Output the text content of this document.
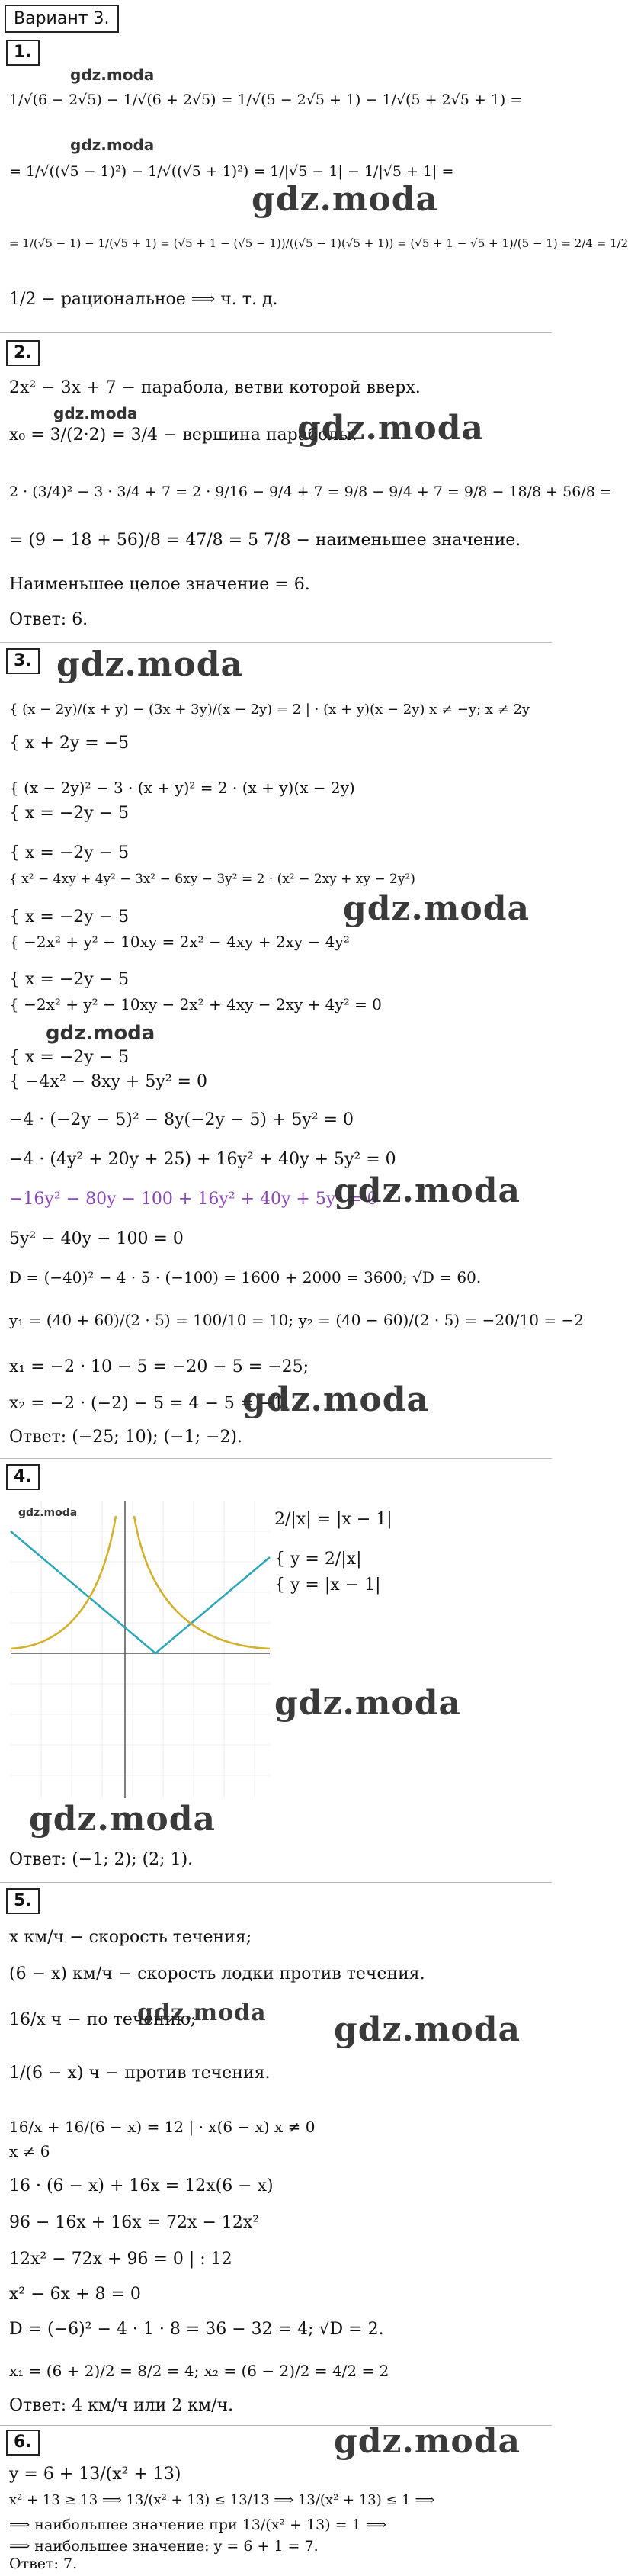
Вариант 3.
1.
gdz.moda
1/√(6 − 2√5) − 1/√(6 + 2√5) = 1/√(5 − 2√5 + 1) − 1/√(5 + 2√5 + 1) =
gdz.moda
= 1/√((√5 − 1)²) − 1/√((√5 + 1)²) = 1/|√5 − 1| − 1/|√5 + 1| =
gdz.moda
= 1/(√5 − 1) − 1/(√5 + 1) = (√5 + 1 − (√5 − 1))/((√5 − 1)(√5 + 1)) = (√5 + 1 − √5 + 1)/(5 − 1) = 2/4 = 1/2
1/2 − рациональное ⟹ ч. т. д.
2.
2x² − 3x + 7 − парабола, ветви которой вверх.
gdz.moda
x₀ = 3/(2·2) = 3/4 − вершина параболы.
gdz.moda
2 · (3/4)² − 3 · 3/4 + 7 = 2 · 9/16 − 9/4 + 7 = 9/8 − 9/4 + 7 = 9/8 − 18/8 + 56/8 =
= (9 − 18 + 56)/8 = 47/8 = 5 7/8 − наименьшее значение.
Наименьшее целое значение = 6.
Ответ: 6.
3. gdz.moda
{ (x − 2y)/(x + y) − (3x + 3y)/(x − 2y) = 2 | · (x + y)(x − 2y) x ≠ −y; x ≠ 2y
{ x + 2y = −5
{ (x − 2y)² − 3 · (x + y)² = 2 · (x + y)(x − 2y)
{ x = −2y − 5
{ x = −2y − 5
{ x² − 4xy + 4y² − 3x² − 6xy − 3y² = 2 · (x² − 2xy + xy − 2y²)
{ x = −2y − 5
{ −2x² + y² − 10xy = 2x² − 4xy + 2xy − 4y²
gdz.moda
{ x = −2y − 5
{ −2x² + y² − 10xy − 2x² + 4xy − 2xy + 4y² = 0
gdz.moda
{ x = −2y − 5
{ −4x² − 8xy + 5y² = 0
−4 · (−2y − 5)² − 8y(−2y − 5) + 5y² = 0
−4 · (4y² + 20y + 25) + 16y² + 40y + 5y² = 0
−16y² − 80y − 100 + 16y² + 40y + 5y² = 0
gdz.moda
5y² − 40y − 100 = 0
D = (−40)² − 4 · 5 · (−100) = 1600 + 2000 = 3600; √D = 60.
y₁ = (40 + 60)/(2 · 5) = 100/10 = 10; y₂ = (40 − 60)/(2 · 5) = −20/10 = −2
x₁ = −2 · 10 − 5 = −20 − 5 = −25;
x₂ = −2 · (−2) − 5 = 4 − 5 = −1.
gdz.moda
Ответ: (−25; 10); (−1; −2).
4.
2/|x| = |x − 1|
{ y = 2/|x|
{ y = |x − 1|
gdz.moda
gdz.moda
gdz.moda
Ответ: (−1; 2); (2; 1).
5.
x км/ч − скорость течения;
(6 − x) км/ч − скорость лодки против течения.
16/x ч − по течению;
gdz.moda gdz.moda
1/(6 − x) ч − против течения.
16/x + 16/(6 − x) = 12 | · x(6 − x) x ≠ 0
x ≠ 6
16 · (6 − x) + 16x = 12x(6 − x)
96 − 16x + 16x = 72x − 12x²
12x² − 72x + 96 = 0 | : 12
x² − 6x + 8 = 0
D = (−6)² − 4 · 1 · 8 = 36 − 32 = 4; √D = 2.
x₁ = (6 + 2)/2 = 8/2 = 4; x₂ = (6 − 2)/2 = 4/2 = 2
Ответ: 4 км/ч или 2 км/ч.
6.	gdz.moda
y = 6 + 13/(x² + 13)
x² + 13 ≥ 13 ⟹ 13/(x² + 13) ≤ 13/13 ⟹ 13/(x² + 13) ≤ 1 ⟹
⟹ наибольшее значение при 13/(x² + 13) = 1 ⟹
⟹ наибольшее значение: y = 6 + 1 = 7.
Ответ: 7.
